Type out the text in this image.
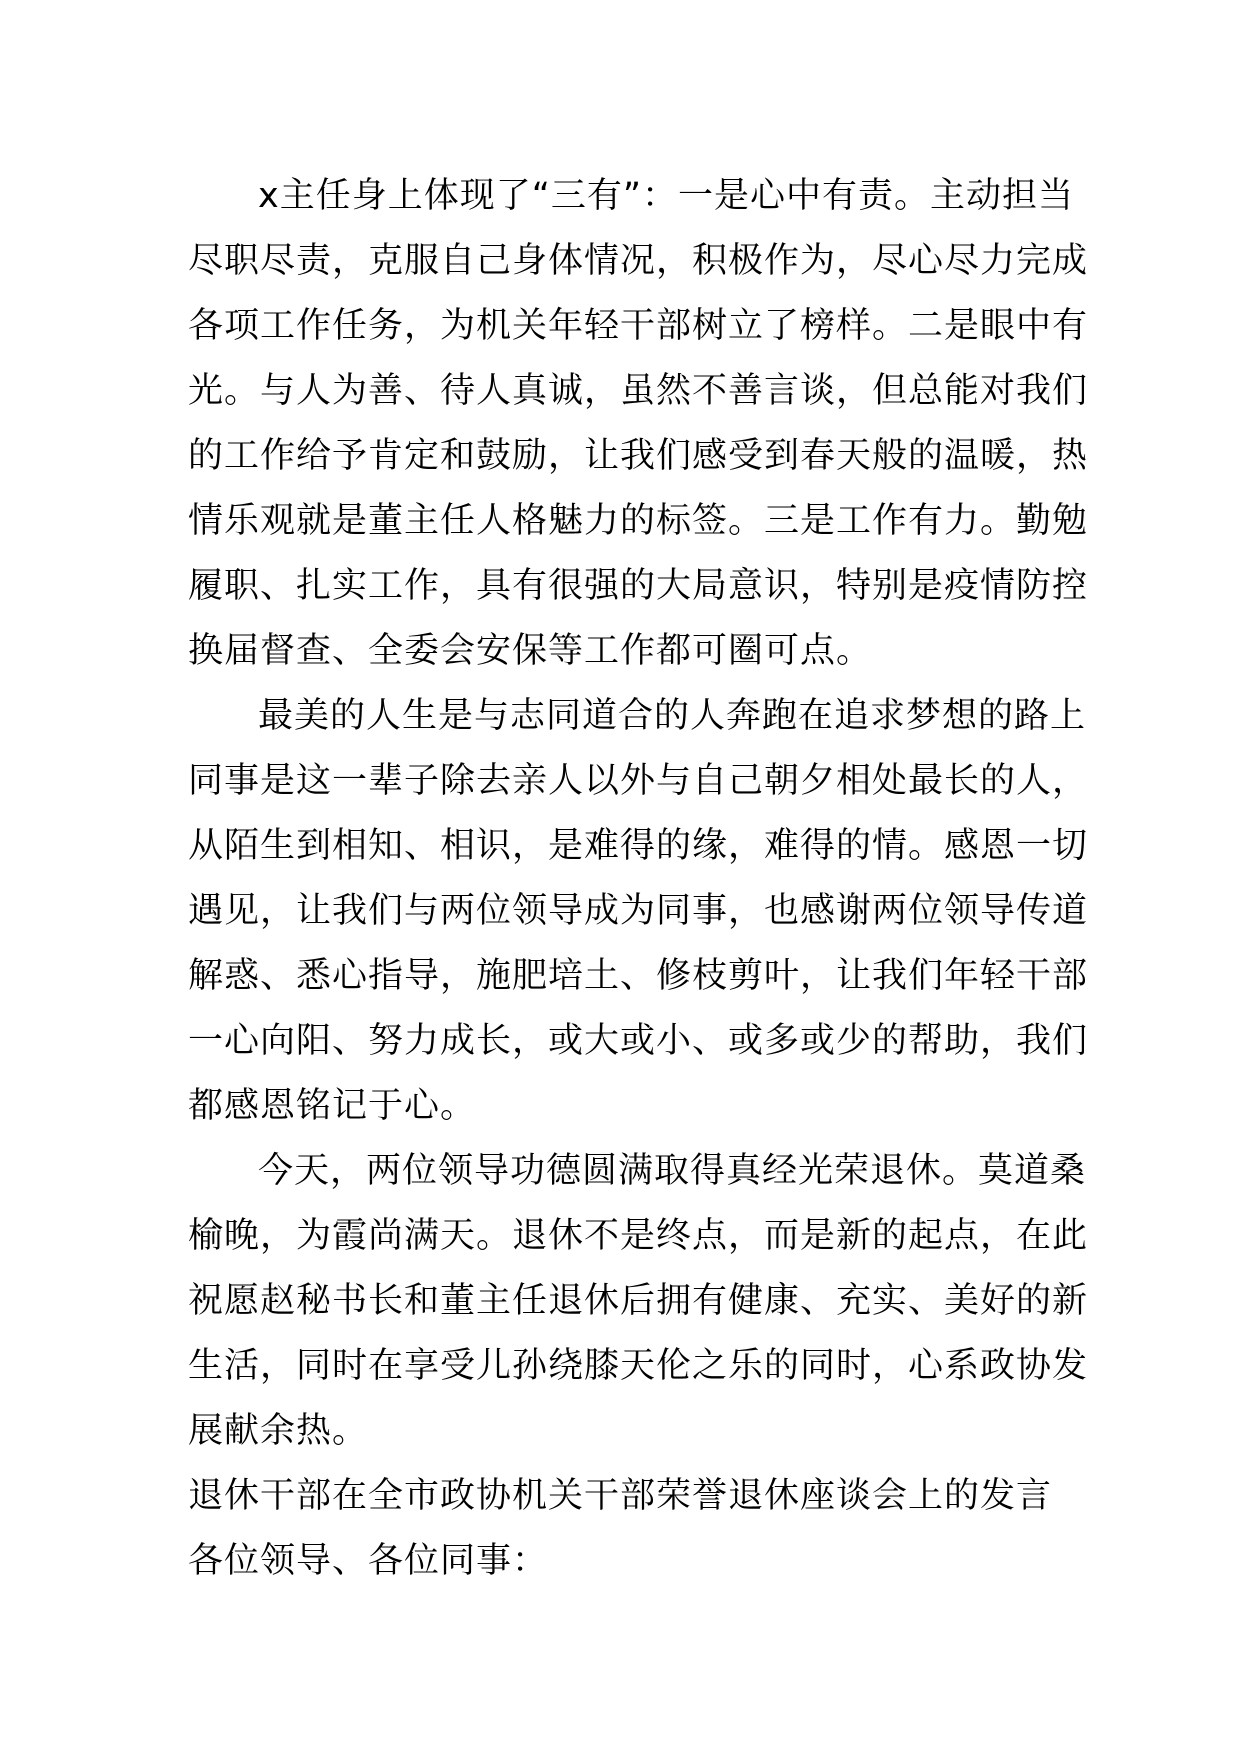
x主任身上体现了“三有”：一是心中有责。主动担当
尽职尽责，克服自己身体情况，积极作为，尽心尽力完成
各项工作任务，为机关年轻干部树立了榜样。二是眼中有
光。与人为善、待人真诚，虽然不善言谈，但总能对我们
的工作给予肯定和鼓励，让我们感受到春天般的温暖，热
情乐观就是董主任人格魅力的标签。三是工作有力。勤勉
履职、扎实工作，具有很强的大局意识，特别是疫情防控
换届督查、全委会安保等工作都可圈可点。
最美的人生是与志同道合的人奔跑在追求梦想的路上
同事是这一辈子除去亲人以外与自己朝夕相处最长的人，
从陌生到相知、相识，是难得的缘，难得的情。感恩一切
遇见，让我们与两位领导成为同事，也感谢两位领导传道
解惑、悉心指导，施肥培土、修枝剪叶，让我们年轻干部
一心向阳、努力成长，或大或小、或多或少的帮助，我们
都感恩铭记于心。
今天，两位领导功德圆满取得真经光荣退休。莫道桑
榆晚，为霞尚满天。退休不是终点，而是新的起点，在此
祝愿赵秘书长和董主任退休后拥有健康、充实、美好的新
生活，同时在享受儿孙绕膝天伦之乐的同时，心系政协发
展献余热。
退休干部在全市政协机关干部荣誉退休座谈会上的发言
各位领导、各位同事：
